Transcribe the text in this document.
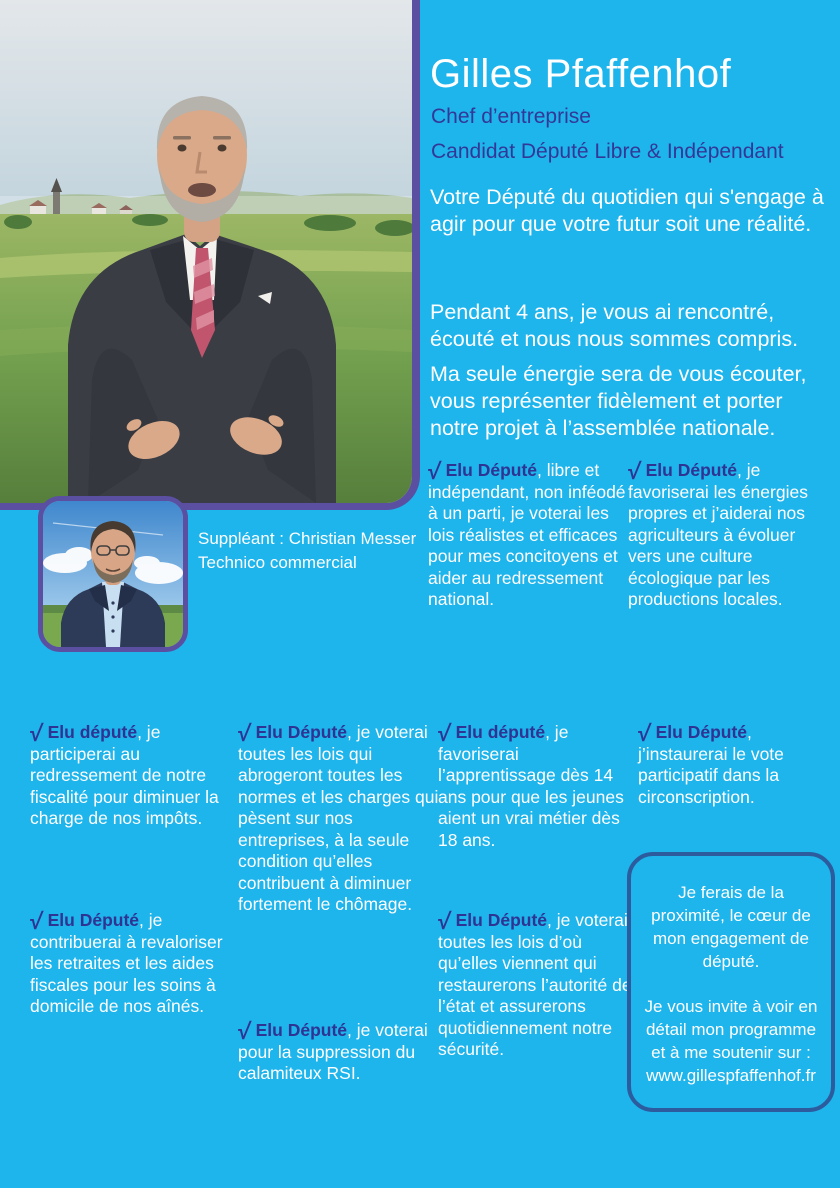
Suppléant : Christian Messer
Technico commercial

Gilles Pfaffenhof

Chef d’entreprise

Candidat Député Libre & Indépendant

Votre Député du quotidien qui s'engage à agir pour que votre futur soit une réalité.

Pendant 4 ans, je vous ai rencontré, écouté et nous nous sommes compris.

Ma seule énergie sera de vous écouter, vous représenter fidèlement et porter notre projet à l’assemblée nationale.

√ Elu Député, libre et indépendant, non inféodé à un parti, je voterai les lois réalistes et efficaces pour mes concitoyens et aider au redressement national.

√ Elu Député, je favoriserai les énergies propres et j’aiderai nos agriculteurs à évoluer vers une culture écologique par les productions locales.

√ Elu député, je participerai au redressement de notre fiscalité pour diminuer la charge de nos impôts.

√ Elu Député, je contribuerai à revaloriser les retraites et les aides fiscales pour les soins à domicile de nos aînés.

√ Elu Député, je voterai toutes les lois qui abrogeront toutes les normes et les charges qui pèsent sur nos entreprises, à la seule condition qu’elles contribuent à diminuer fortement le chômage.

√ Elu Député, je voterai pour la suppression du calamiteux RSI.

√ Elu député, je favoriserai l’apprentissage dès 14 ans pour que les jeunes aient un vrai métier dès 18 ans.

√ Elu Député, je voterai toutes les lois d’où qu’elles viennent qui restaurerons l’autorité de l’état et assurerons quotidiennement notre sécurité.

√ Elu Député, j’instaurerai le vote participatif dans la circonscription.

Je ferais de la proximité, le cœur de mon engagement de député.
Je vous invite à voir en détail mon programme et à me soutenir sur :
www.gillespfaffenhof.fr
